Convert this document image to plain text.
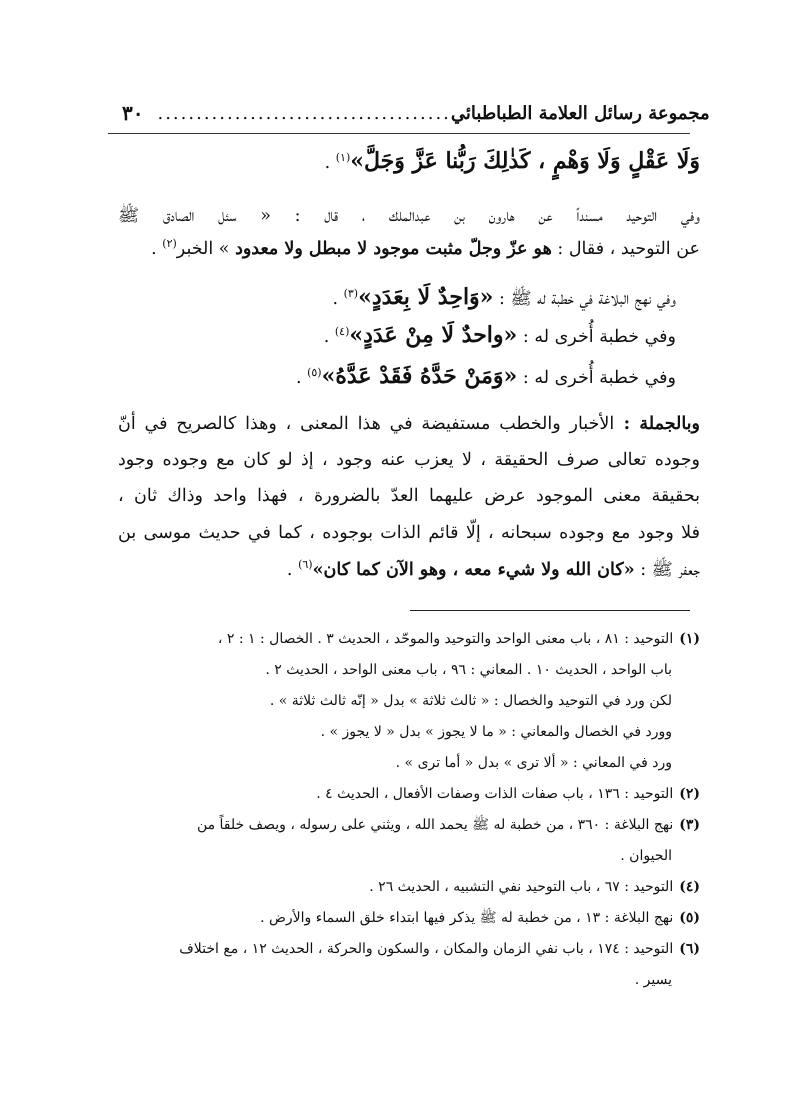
٣٠ ...................................... مجموعة رسائل العلامة الطباطبائي
وَلَا عَقْلٍ وَلَا وَهْمٍ ، كَذٰلِكَ رَبُّنا عَزَّ وَجَلَّ»$^{(١)}$ .
وفي التوحيد مسنداً عن هارون بن عبدالملك ، قال : « سئل الصادق ﷺ
عن التوحيد ، فقال : هو عزّ وجلّ مثبت موجود لا مبطل ولا معدود » الخبر$^{(٢)}$ .
وفي نهج البلاغة في خطبة له ﷺ : «وَاحِدٌ لَا بِعَدَدٍ»$^{(٣)}$ .
وفي خطبة أُخرى له : «واحدٌ لَا مِنْ عَدَدٍ»$^{(٤)}$ .
وفي خطبة أُخرى له : «وَمَنْ حَدَّهُ فَقَدْ عَدَّهُ»$^{(٥)}$ .
وبالجملة : الأخبار والخطب مستفيضة في هذا المعنى ، وهذا كالصريح في أنّ
وجوده تعالى صرف الحقيقة ، لا يعزب عنه وجود ، إذ لو كان مع وجوده وجود
بحقيقة معنى الموجود عرض عليهما العدّ بالضرورة ، فهذا واحد وذاك ثان ،
فلا وجود مع وجوده سبحانه ، إلّا قائم الذات بوجوده ، كما في حديث موسى بن
جعفر ﷺ : «كان الله ولا شيء معه ، وهو الآن كما كان»$^{(٦)}$ .
(١)التوحيد : ٨١ ، باب معنى الواحد والتوحيد والموحّد ، الحديث ٣ . الخصال : ١ : ٢ ،
باب الواحد ، الحديث ١٠ . المعاني : ٩٦ ، باب معنى الواحد ، الحديث ٢ .
لكن ورد في التوحيد والخصال : « ثالث ثلاثة » بدل « إنّه ثالث ثلاثة » .
وورد في الخصال والمعاني : « ما لا يجوز » بدل « لا يجوز » .
ورد في المعاني : « ألا ترى » بدل « أما ترى » .
(٢)التوحيد : ١٣٦ ، باب صفات الذات وصفات الأفعال ، الحديث ٤ .
(٣)نهج البلاغة : ٣٦٠ ، من خطبة له ﷺ يحمد الله ، ويثني على رسوله ، ويصف خلقاً من
الحيوان .
(٤)التوحيد : ٦٧ ، باب التوحيد نفي التشبيه ، الحديث ٢٦ .
(٥)نهج البلاغة : ١٣ ، من خطبة له ﷺ يذكر فيها ابتداء خلق السماء والأرض .
(٦)التوحيد : ١٧٤ ، باب نفي الزمان والمكان ، والسكون والحركة ، الحديث ١٢ ، مع اختلاف
يسير .
